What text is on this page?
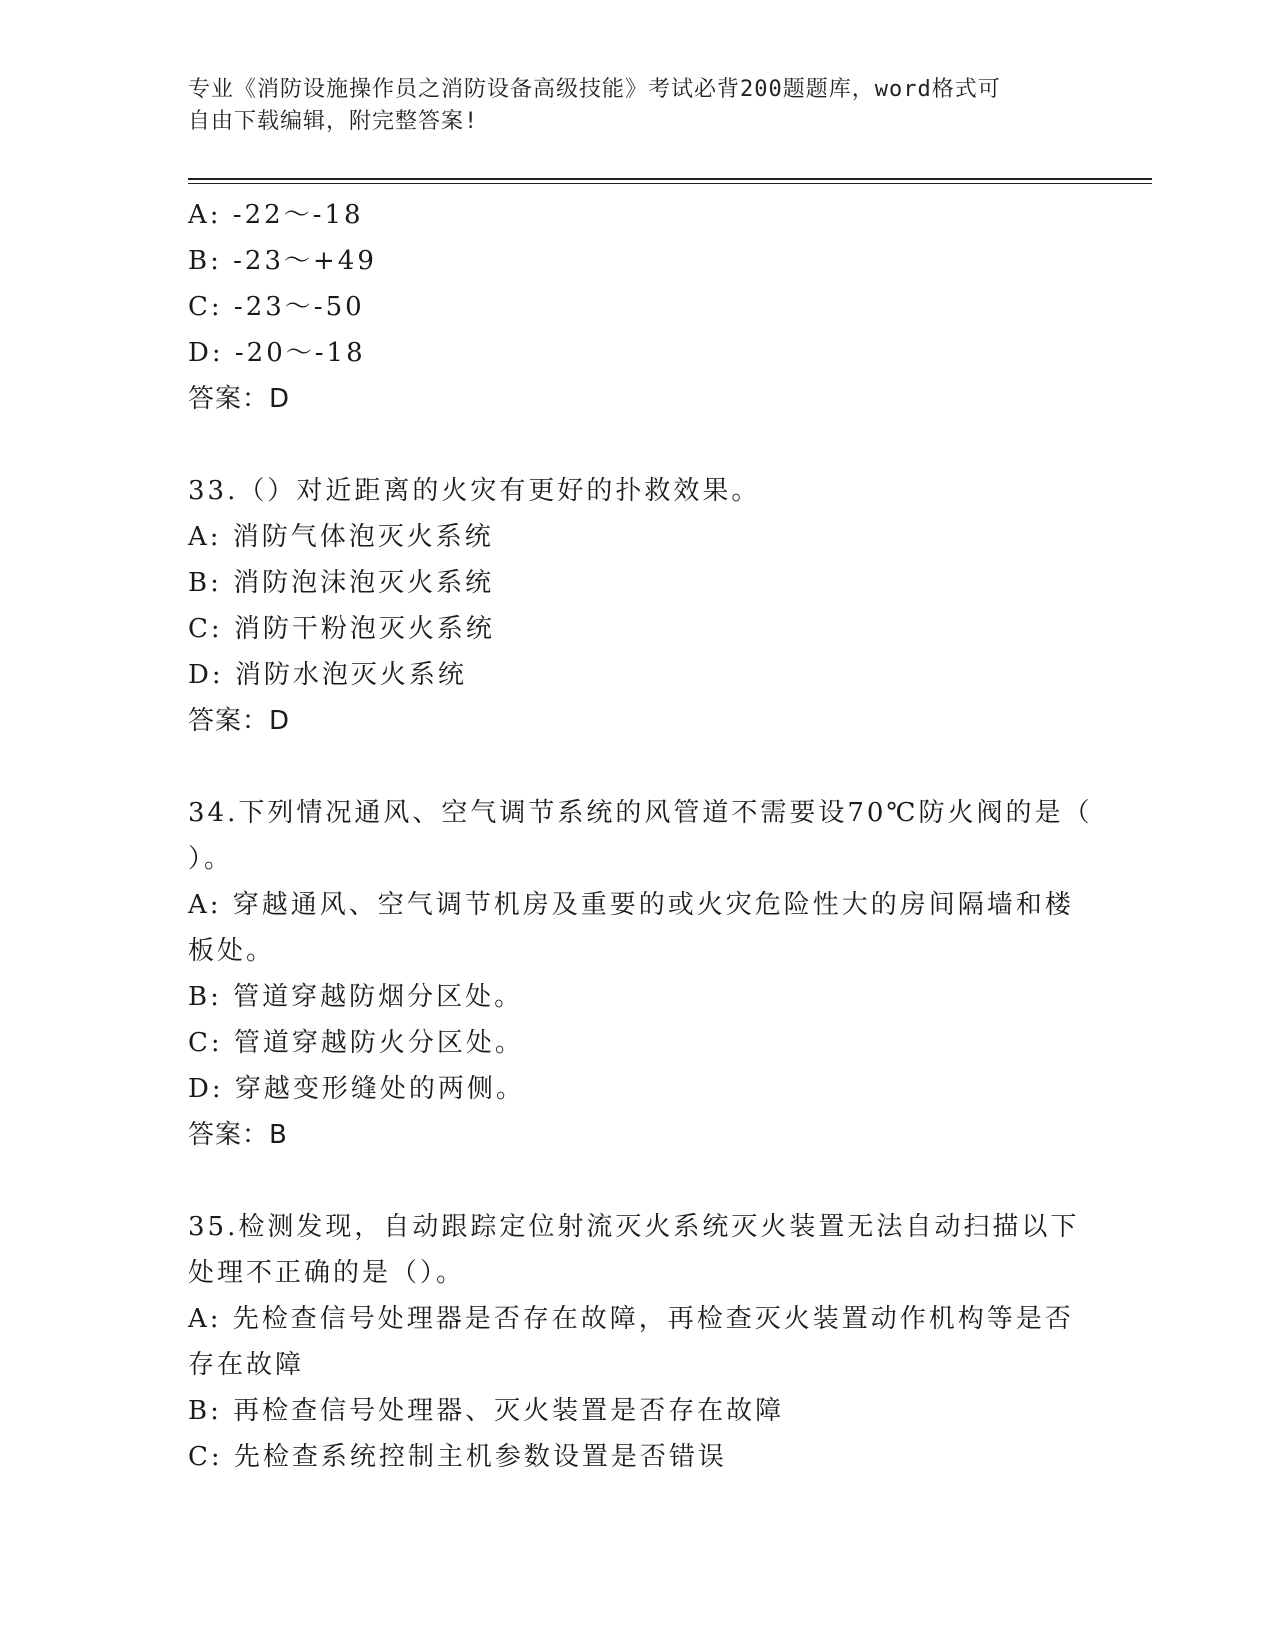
专业《消防设施操作员之消防设备高级技能》考试必背200题题库，word格式可
自由下载编辑，附完整答案!
A: -22～-18
B: -23～+49
C: -23～-50
D: -20～-18
答案：D
33.（）对近距离的火灾有更好的扑救效果。
A: 消防气体泡灭火系统
B: 消防泡沫泡灭火系统
C: 消防干粉泡灭火系统
D: 消防水泡灭火系统
答案：D
34.下列情况通风、空气调节系统的风管道不需要设70℃防火阀的是（
）。
A: 穿越通风、空气调节机房及重要的或火灾危险性大的房间隔墙和楼
板处。
B: 管道穿越防烟分区处。
C: 管道穿越防火分区处。
D: 穿越变形缝处的两侧。
答案：B
35.检测发现，自动跟踪定位射流灭火系统灭火装置无法自动扫描以下
处理不正确的是（）。
A: 先检查信号处理器是否存在故障，再检查灭火装置动作机构等是否
存在故障
B: 再检查信号处理器、灭火装置是否存在故障
C: 先检查系统控制主机参数设置是否错误
